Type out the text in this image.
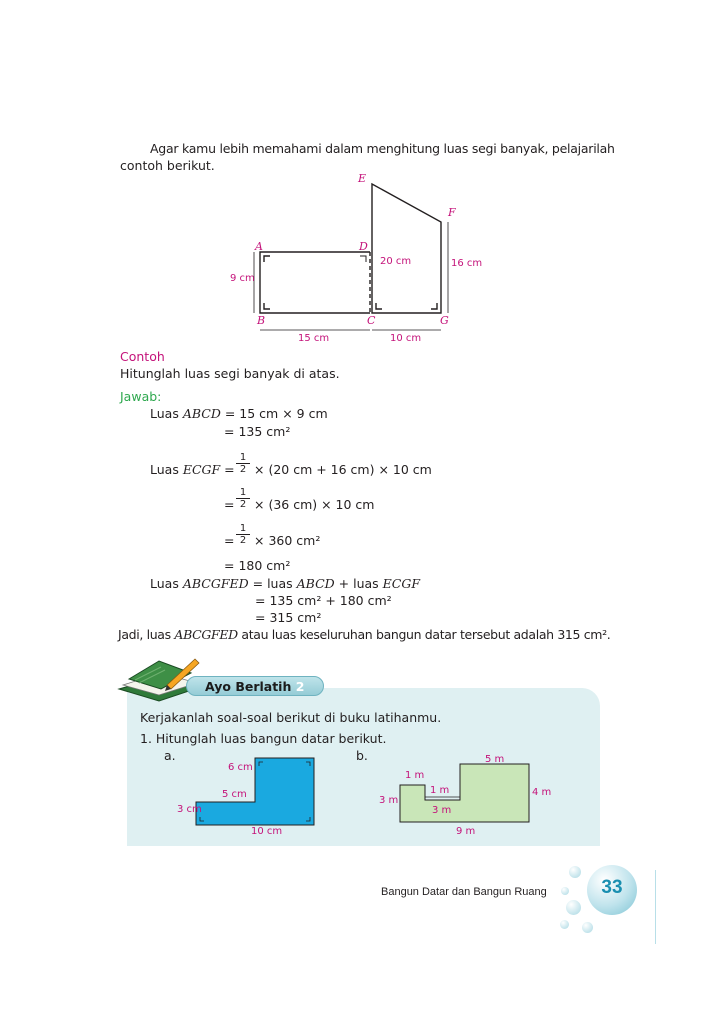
Agar kamu lebih memahami dalam menghitung luas segi banyak, pelajarilah
contoh berikut.
E
F
A	D
B	C	G
9 cm
15 cm	10 cm
20 cm	16 cm
Contoh
Hitunglah luas segi banyak di atas.
Jawab:
Luas ABCD = 15 cm × 9 cm
= 135 cm²
Luas ECGF = $\frac{1}{2} \times (20$ cm + 16 cm) × 10 cm
= $\frac{1}{2} \times (36$ cm) × 10 cm
= $\frac{1}{2} \times 360$ cm²
= 180 cm²
Luas ABCGFED = luas ABCD + luas ECGF
= 135 cm² + 180 cm²
= 315 cm²
Jadi, luas ABCGFED atau luas keseluruhan bangun datar tersebut adalah 315 cm².
Ayo Berlatih 2
Kerjakanlah soal-soal berikut di buku latihanmu.
1. Hitunglah luas bangun datar berikut.
a.	b.
6 cm
5 cm
3 cm
10 cm
5 m
1 m
1 m	4 m
3 m
3 m
9 m
Bangun Datar dan Bangun Ruang	33
